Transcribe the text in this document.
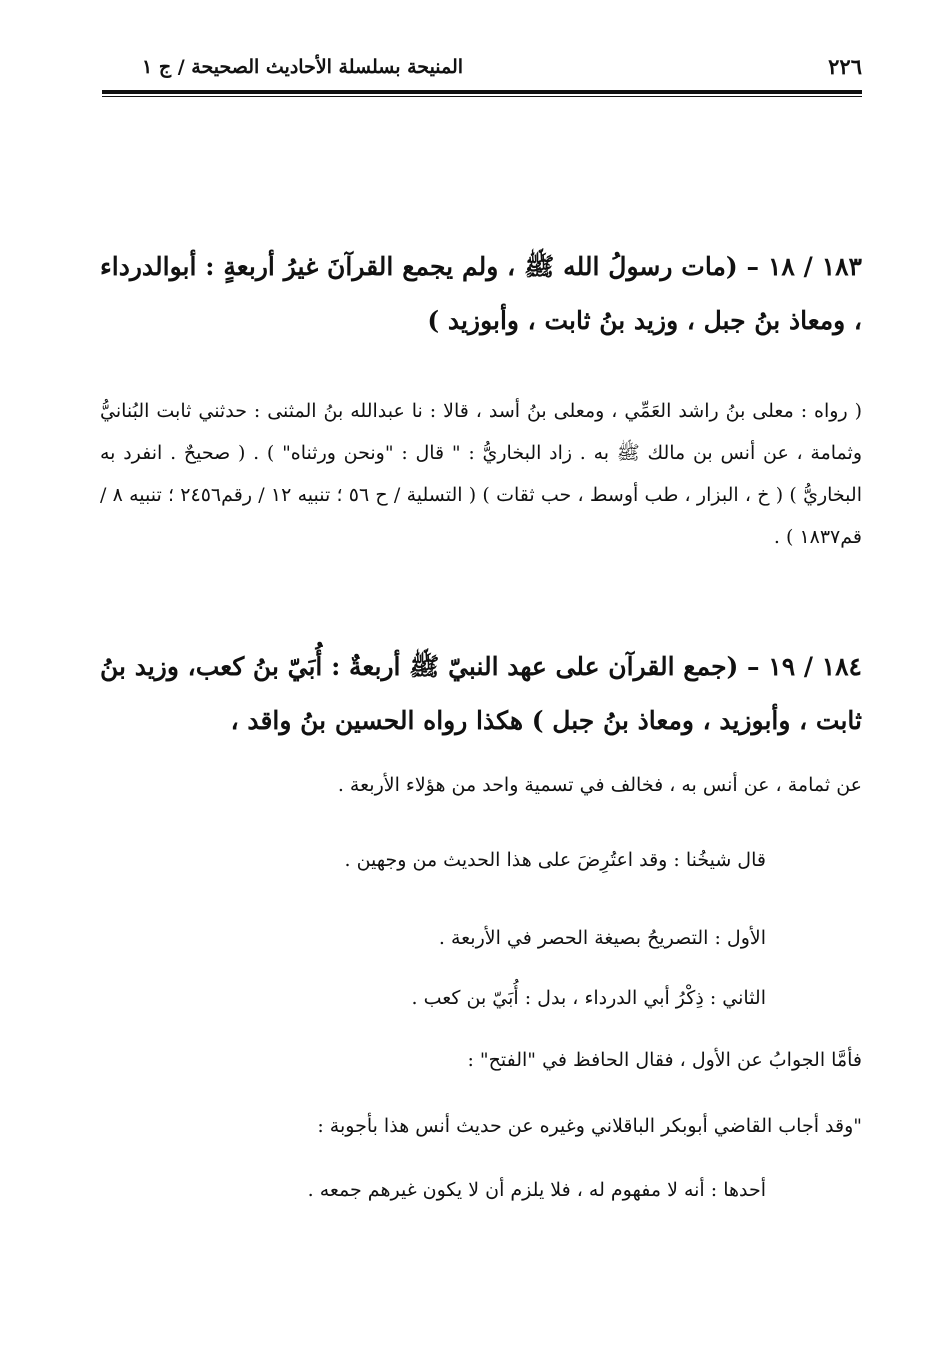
٢٢٦
المنيحة بسلسلة الأحاديث الصحيحة / ج ١
١٨٣ / ١٨ – (مات رسولُ الله ﷺ ، ولم يجمع القرآنَ غيرُ أربعةٍ : أبوالدرداء ، ومعاذ بنُ جبل ، وزيد بنُ ثابت ، وأبوزيد )
( رواه : معلى بنُ راشد العَمِّي ، ومعلى بنُ أسد ، قالا : نا عبدالله بنُ المثنى : حدثني ثابت البُنانيُّ وثمامة ، عن أنس بن مالك ﷺ به . زاد البخاريُّ : " قال : "ونحن ورثناه" ) . ( صحيحٌ . انفرد به البخاريُّ ) ( خ ، البزار ، طب أوسط ، حب ثقات ) ( التسلية / ح ٥٦ ؛ تنبيه ١٢ / رقم٢٤٥٦ ؛ تنبيه ٨ / قم١٨٣٧ ) .
١٨٤ / ١٩ – (جمع القرآن على عهد النبيّ ﷺ أربعةٌ : أُبَيّ بنُ كعب، وزيد بنُ ثابت ، وأبوزيد ، ومعاذ بنُ جبل ) هكذا رواه الحسين بنُ واقد ،
عن ثمامة ، عن أنس به ، فخالف في تسمية واحد من هؤلاء الأربعة .
قال شيخُنا : وقد اعتُرِضَ على هذا الحديث من وجهين .
الأول : التصريحُ بصيغة الحصر في الأربعة .
الثاني : ذِكْرُ أبي الدرداء ، بدل : أُبَيّ بن كعب .
فأمَّا الجوابُ عن الأول ، فقال الحافظ في "الفتح" :
"وقد أجاب القاضي أبوبكر الباقلاني وغيره عن حديث أنس هذا بأجوبة :
أحدها : أنه لا مفهوم له ، فلا يلزم أن لا يكون غيرهم جمعه .
